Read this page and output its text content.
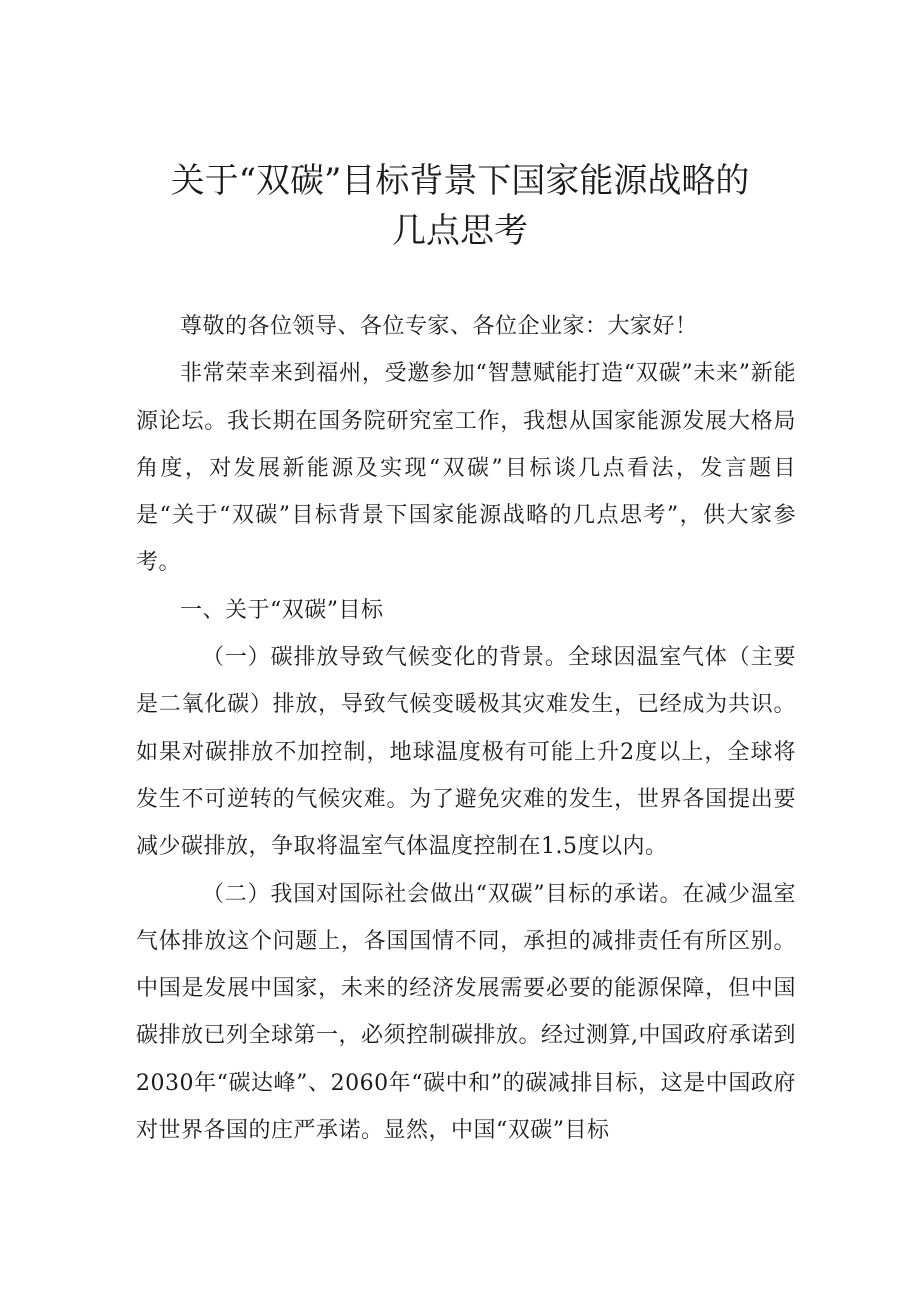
关于“双碳”目标背景下国家能源战略的
几点思考

尊敬的各位领导、各位专家、各位企业家：大家好！

非常荣幸来到福州，受邀参加“智慧赋能打造“双碳”未来”新能源论坛。我长期在国务院研究室工作，我想从国家能源发展大格局角度，对发展新能源及实现“双碳”目标谈几点看法，发言题目是“关于“双碳”目标背景下国家能源战略的几点思考”，供大家参考。

一、关于“双碳”目标

（一）碳排放导致气候变化的背景。全球因温室气体（主要是二氧化碳）排放，导致气候变暖极其灾难发生，已经成为共识。如果对碳排放不加控制，地球温度极有可能上升2度以上，全球将发生不可逆转的气候灾难。为了避免灾难的发生，世界各国提出要减少碳排放，争取将温室气体温度控制在1.5度以内。

（二）我国对国际社会做出“双碳”目标的承诺。在减少温室气体排放这个问题上，各国国情不同，承担的减排责任有所区别。中国是发展中国家，未来的经济发展需要必要的能源保障，但中国碳排放已列全球第一，必须控制碳排放。经过测算,中国政府承诺到2030年“碳达峰”、2060年“碳中和”的碳减排目标，这是中国政府对世界各国的庄严承诺。显然，中国“双碳”目标
